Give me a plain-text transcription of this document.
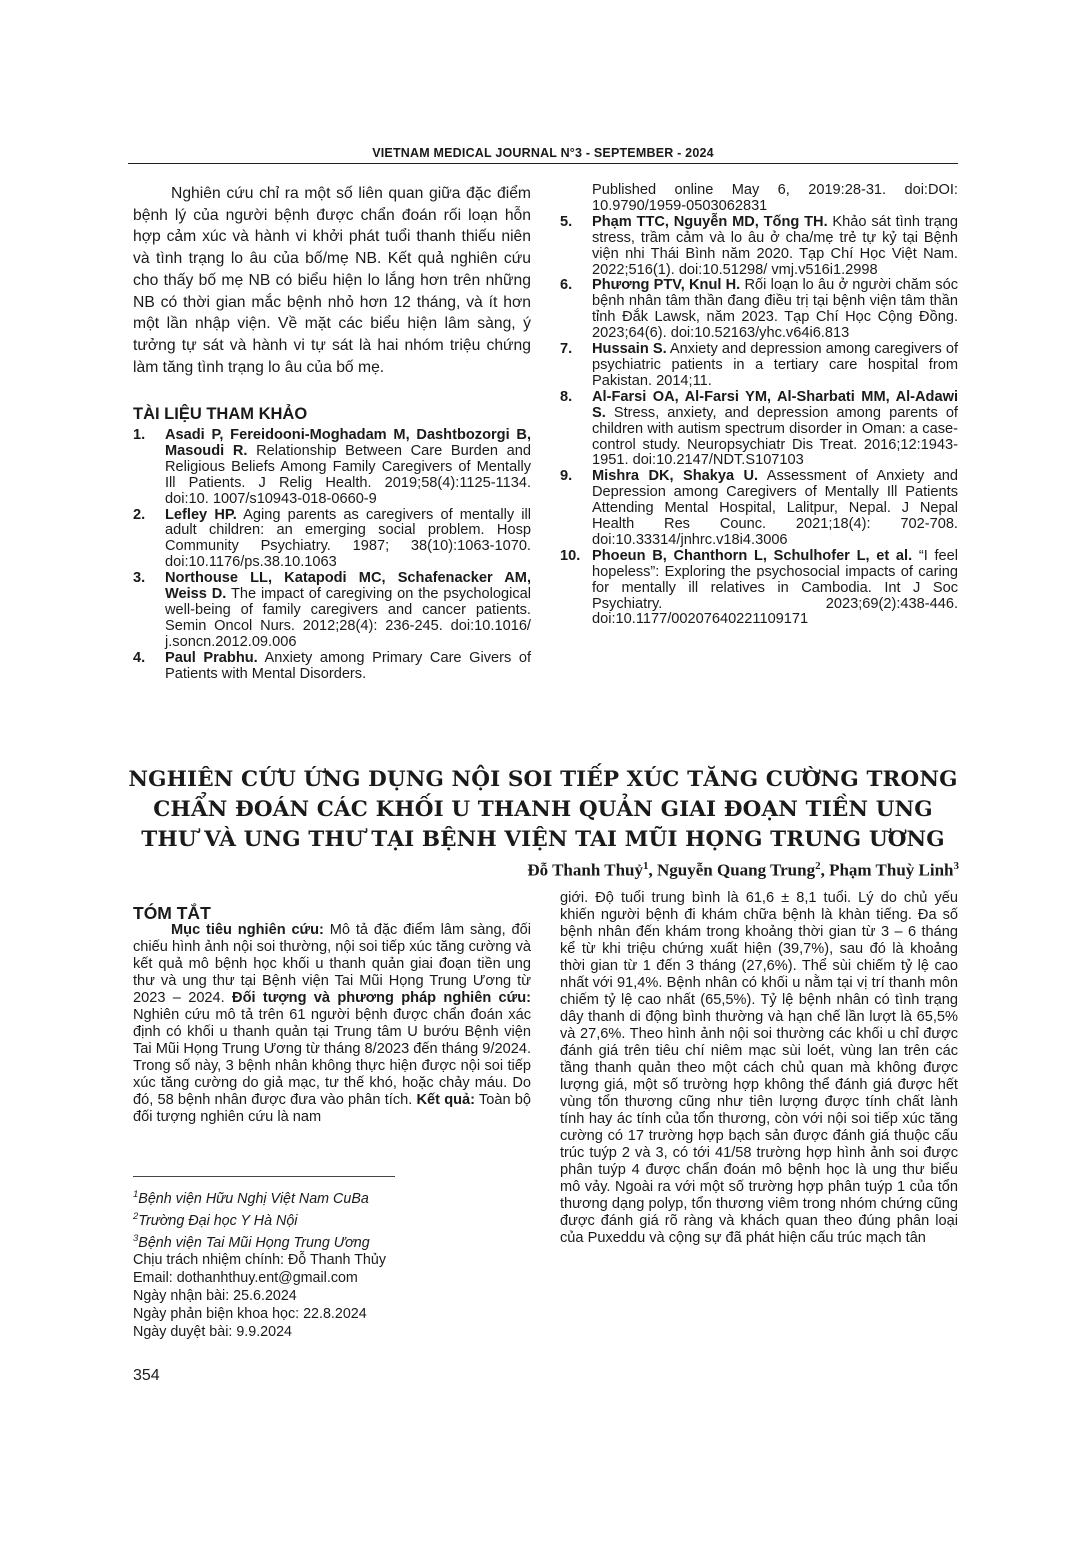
VIETNAM MEDICAL JOURNAL N°3 - SEPTEMBER - 2024

Nghiên cứu chỉ ra một số liên quan giữa đặc điểm bệnh lý của người bệnh được chẩn đoán rối loạn hỗn hợp cảm xúc và hành vi khởi phát tuổi thanh thiếu niên và tình trạng lo âu của bố/mẹ NB. Kết quả nghiên cứu cho thấy bố mẹ NB có biểu hiện lo lắng hơn trên những NB có thời gian mắc bệnh nhỏ hơn 12 tháng, và ít hơn một lần nhập viện. Về mặt các biểu hiện lâm sàng, ý tưởng tự sát và hành vi tự sát là hai nhóm triệu chứng làm tăng tình trạng lo âu của bố mẹ.

TÀI LIỆU THAM KHẢO
1. Asadi P, Fereidooni-Moghadam M, Dashtbozorgi B, Masoudi R. Relationship Between Care Burden and Religious Beliefs Among Family Caregivers of Mentally Ill Patients. J Relig Health. 2019;58(4):1125-1134. doi:10. 1007/s10943-018-0660-9
2. Lefley HP. Aging parents as caregivers of mentally ill adult children: an emerging social problem. Hosp Community Psychiatry. 1987; 38(10):1063-1070. doi:10.1176/ps.38.10.1063
3. Northouse LL, Katapodi MC, Schafenacker AM, Weiss D. The impact of caregiving on the psychological well-being of family caregivers and cancer patients. Semin Oncol Nurs. 2012;28(4): 236-245. doi:10.1016/ j.soncn.2012.09.006
4. Paul Prabhu. Anxiety among Primary Care Givers of Patients with Mental Disorders.
Published online May 6, 2019:28-31. doi:DOI: 10.9790/1959-0503062831
5. Phạm TTC, Nguyễn MD, Tống TH. Khảo sát tình trạng stress, trầm cảm và lo âu ở cha/mẹ trẻ tự kỷ tại Bệnh viện nhi Thái Bình năm 2020. Tạp Chí Học Việt Nam. 2022;516(1). doi:10.51298/ vmj.v516i1.2998
6. Phương PTV, Knul H. Rối loạn lo âu ở người chăm sóc bệnh nhân tâm thần đang điều trị tại bệnh viện tâm thần tỉnh Đắk Lawsk, năm 2023. Tạp Chí Học Cộng Đồng. 2023;64(6). doi:10.52163/yhc.v64i6.813
7. Hussain S. Anxiety and depression among caregivers of psychiatric patients in a tertiary care hospital from Pakistan. 2014;11.
8. Al-Farsi OA, Al-Farsi YM, Al-Sharbati MM, Al-Adawi S. Stress, anxiety, and depression among parents of children with autism spectrum disorder in Oman: a case-control study. Neuropsychiatr Dis Treat. 2016;12:1943-1951. doi:10.2147/NDT.S107103
9. Mishra DK, Shakya U. Assessment of Anxiety and Depression among Caregivers of Mentally Ill Patients Attending Mental Hospital, Lalitpur, Nepal. J Nepal Health Res Counc. 2021;18(4): 702-708. doi:10.33314/jnhrc.v18i4.3006
10. Phoeun B, Chanthorn L, Schulhofer L, et al. “I feel hopeless”: Exploring the psychosocial impacts of caring for mentally ill relatives in Cambodia. Int J Soc Psychiatry. 2023;69(2):438-446. doi:10.1177/00207640221109171
NGHIÊN CỨU ỨNG DỤNG NỘI SOI TIẾP XÚC TĂNG CƯỜNG TRONG CHẨN ĐOÁN CÁC KHỐI U THANH QUẢN GIAI ĐOẠN TIỀN UNG THƯ VÀ UNG THƯ TẠI BỆNH VIỆN TAI MŨI HỌNG TRUNG ƯƠNG
Đỗ Thanh Thuỷ$^1$, Nguyễn Quang Trung$^2$, Phạm Thuỳ Linh$^3$
TÓM TẮT

Mục tiêu nghiên cứu: Mô tả đặc điểm lâm sàng, đối chiếu hình ảnh nội soi thường, nội soi tiếp xúc tăng cường và kết quả mô bệnh học khối u thanh quản giai đoạn tiền ung thư và ung thư tại Bệnh viện Tai Mũi Họng Trung Ương từ 2023 – 2024. Đối tượng và phương pháp nghiên cứu: Nghiên cứu mô tả trên 61 người bệnh được chẩn đoán xác định có khối u thanh quản tại Trung tâm U bướu Bệnh viện Tai Mũi Họng Trung Ương từ tháng 8/2023 đến tháng 9/2024. Trong số này, 3 bệnh nhân không thực hiện được nội soi tiếp xúc tăng cường do giả mạc, tư thế khó, hoặc chảy máu. Do đó, 58 bệnh nhân được đưa vào phân tích. Kết quả: Toàn bộ đối tượng nghiên cứu là nam

$^1$Bệnh viện Hữu Nghị Việt Nam CuBa
$^2$Trường Đại học Y Hà Nội
$^3$Bệnh viện Tai Mũi Họng Trung Ương
Chịu trách nhiệm chính: Đỗ Thanh Thủy
Email: dothanhthuy.ent@gmail.com
Ngày nhận bài: 25.6.2024
Ngày phản biện khoa học: 22.8.2024
Ngày duyệt bài: 9.9.2024

giới. Độ tuổi trung bình là 61,6 ± 8,1 tuổi. Lý do chủ yếu khiến người bệnh đi khám chữa bệnh là khàn tiếng. Đa số bệnh nhân đến khám trong khoảng thời gian từ 3 – 6 tháng kể từ khi triệu chứng xuất hiện (39,7%), sau đó là khoảng thời gian từ 1 đến 3 tháng (27,6%). Thể sùi chiếm tỷ lệ cao nhất với 91,4%. Bệnh nhân có khối u nằm tại vị trí thanh môn chiếm tỷ lệ cao nhất (65,5%). Tỷ lệ bệnh nhân có tình trạng dây thanh di động bình thường và hạn chế lần lượt là 65,5% và 27,6%. Theo hình ảnh nội soi thường các khối u chỉ được đánh giá trên tiêu chí niêm mạc sùi loét, vùng lan trên các tầng thanh quản theo một cách chủ quan mà không được lượng giá, một số trường hợp không thể đánh giá được hết vùng tổn thương cũng như tiên lượng được tính chất lành tính hay ác tính của tổn thương, còn với nội soi tiếp xúc tăng cường có 17 trường hợp bạch sản được đánh giá thuộc cấu trúc tuýp 2 và 3, có tới 41/58 trường hợp hình ảnh soi được phân tuýp 4 được chẩn đoán mô bệnh học là ung thư biểu mô vảy. Ngoài ra với một số trường hợp phân tuýp 1 của tổn thương dạng polyp, tổn thương viêm trong nhóm chứng cũng được đánh giá rõ ràng và khách quan theo đúng phân loại của Puxeddu và cộng sự đã phát hiện cấu trúc mạch tân

354
